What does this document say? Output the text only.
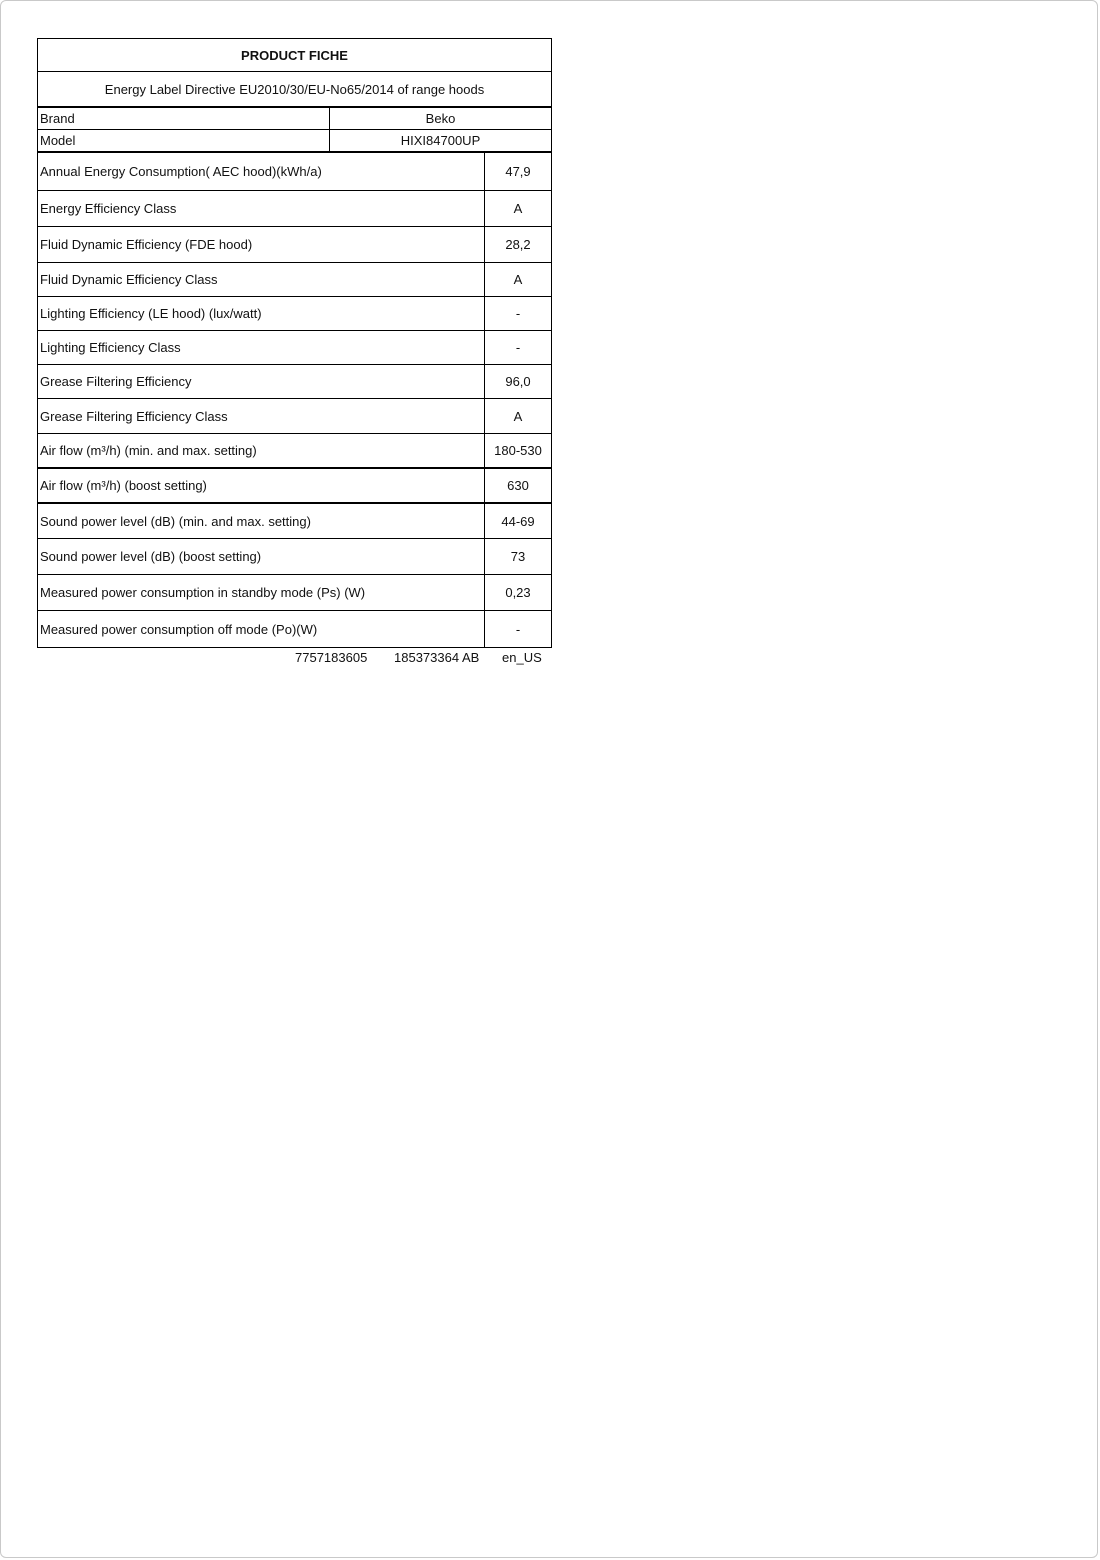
PRODUCT FICHE
Energy Label Directive EU2010/30/EU-No65/2014 of range hoods
Brand	Beko
Model	HIXI84700UP
Annual Energy Consumption( AEC hood)(kWh/a)	47,9
Energy Efficiency Class	A
Fluid Dynamic Efficiency (FDE hood)	28,2
Fluid Dynamic Efficiency Class	A
Lighting Efficiency (LE hood) (lux/watt)	-
Lighting Efficiency Class	-
Grease Filtering Efficiency	96,0
Grease Filtering Efficiency Class	A
Air flow (m³/h) (min. and max. setting)	180-530
Air flow (m³/h) (boost setting)	630
Sound power level (dB) (min. and max. setting)	44-69
Sound power level (dB) (boost setting)	73
Measured power consumption in standby mode (Ps) (W)	0,23
Measured power consumption off mode (Po)(W)	-
7757183605 185373364 AB en_US
